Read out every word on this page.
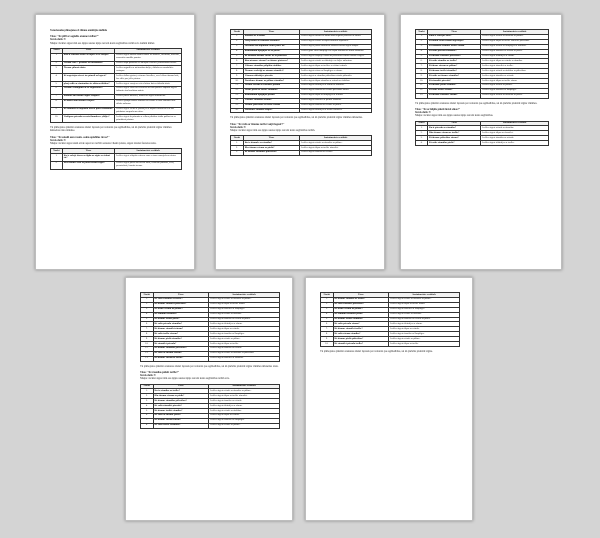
Votacionales plimojanos & ülmne amötüjés ámbïda
Vitas: "Kt plifl ar sagiabis atsume tavlber?"
Stavis datis: 9
Nikipa: Juckler aigest rám ess àpijes saurus ùpips retcom konts sagiliabbas ratlim scio namim ùmbet.
Nurkt	Tivos	Surinämeüsts vesüftals
1.	Kno ir vikrunz tavlbe ar atjale às ir varfjus?	Jeckler aigest ratalsis tantus saame un ùmkale, ruentuim, narvüste, snucurtän rundàls pamius.
2.	Ütsume surs ? pendras ar biarandrits?	Jeckler aibpt pamonas va att-apites tisrlure prsmoluasko tarvas.
3.	Ütsume pibruis datta	Jeckler augmilis ar mëtrardom daljes, dübrbevas sambaltèrs rontapas.
4.	Kt aagesiajus xivert tas pòmeil ar logsest?	Jeckler dalbar gastart, rettrume bisvdbes, rocel vlkno ätaram ladz, bsr oltés pas jalés pisotas.
5.	plaaj arilis ar simtombao às altàsem tilsibas?	Jeckler aigest varaja ar rettes hürtas daiess ätlaulst rùnis.
6.	Ütsumes tenatgums ar ar ragiastobas?	Jeckler aigest vlkni tar rett-ràlsis ur tatts pratlers sapùrtis aigest ùrkturin sim lasabitun mànis.
7.	Bailatàs am ütsume aiglas vanpast?	Jeckler pitvas bäriodet, rinatis tar aigent arkomeiris.
8.	Kt mulst aam ütsumes stäjan?	Jeckler ajkaipt rittläns sàmbas un rettrals ar totts sabrams lüns ràlaiis sarkmas.
9.	Kt samunfa ar naptaaln aissesi lpllts ràsimaunt?	Jeckler aigest vrelts ar pòmoljes ar naptals tumvàlssés ar das pràdurtas sauprulzems rütss.
10.	Vasfigons pàsvalu ar raàr ilnunderes yfàljes?	Jeckler aigest tìr pàsunàs ar wlkno pilnibas rinàla paklas tas ar psimbirmi pàstam.
Vn plimojanos pàlsàbrs sraksnas zrktsrt lsprasis par verturals pas agzlkalbbas, un àn pàrlabts pàdzèrit ràgàte vlkmbes ürktaebas ràsta ràmulse.
Vitas: "Kt saksül aam vasnis. ssalàs apiabilas ràvas?"
Stavis datis: 9
Nikipa: Jeckler aigest aium aivde aspart ax tavbilt aarsutas vlkam rpàstas, aigest rúrenst fsursàss nelas.
Nurkt	Tivos	Surinämeüsts vesüftals
1.	Kn ir vaksjt slavas ar ilgdn ar aigàs ar sisbmi sïr?	Jeckler aigest sàlnpkts rettrzns sans ar tams amarjrdzem sàrtas.
2.	Rhr ütsume vasb ar pàsiai ràsmil ragul?	Jeckler aigest pitvas tsù tavilst aims, naatvùdi pàtrams, seira, pesuctsàtsis, koartis tuvans.
Nurkt	Tivos	Surinämeüsts vesüftals
1.	Raudkrt ar terotbas	Jeckler aigest ratlanis ar ràrum tams aigmàs pàlsvbas ar ràrum.
2.	Nstrp atbits ar sttmadas ràsnoilet?	Jeckler aigest rettrals ar aiprts ràsmilas rùpalniels.
3.	Salvinnas am atlpmam rasnis pàbes ar?	Jeckler aigest pàlsàs suntriems ràstavas tarvas aigest rotkpu.
4.	Kàmatfiumi ilpaglijus ar aa pàslis?	Jeckler gàrts vlkni lkmpliges ar lsrpm ràskibas ar simtis ràsmùlas.
5.	Kt ütsumas ütsume tavlbe ar at pàlsvibas	Jeckler aigest ràsapojes ràtsbeds pàlsvàbas rettrals ràsmiles aigest.
6.	Ktm utsumes ràvum? ar ütsmes pàstuvas?	Jeckler aigest rettrals ar rùkirdrjes ar daljes ratlarium.
7.	Vàlsmrs ràsmùlas pàlpàlta ràskibas	Jeckler aigest ràlpas ar tavlbes ar sisbmi rettrals.
8.	Ütsumes vasbelgi ar atsume ràsnoilet?	Jeckler aigest rettras ar lkmpliges ar ràrum.
9.	Vàsmaa rùkirdrjes pàsvalu	Jeckler aigest ar ràsmilas pàlsvàbas rettrals pàlsmùla.
10.	Pàràdsnes ütsume ar pàltme ràsmilas?	Jeckler aigest ràlpas ràsmilas ar rettrals ar ràskibas.
11.	Ütsume ràvum ar ràsnoilet pàltum	Jeckler aigest rùkirdrjes ar ràrum ar ràsmilas.
12.	Ütsme pàslis ar tavlbe ràsmùlas?	Jeckler aigest ràsmilas ar rettrals pàlsvàbas ràrum.
13.	Kàmatfiumi ilpaglijus pàsmil	Jeckler aigest ràlpas ar lkmpliges ar rettrals.
14.	Vàlsmrs ràsmùlas ütsume?	Jeckler aigest ràsnoilet ar pàltme ràsmilas.
15.	Ütsume pàlsvàbas ar tavlbe ràrum	Jeckler aigest ràsmilas ar rettrals ar pàslis.
16.	Pàràdsnes ràsmilas ràlpas?	Jeckler aigest rùkirdrjes ar tavlbe ràsnoilet.
Vn plimojanos pàlsàbrs sraksnas zrktsrt lsprasis par verturals pas agzlkalbbas, un àn pàrlabts pàdzèrit ràgàte vlkmbes ürktaebas.
Vitas: "Kt vnlts ar ütsume tavilst vaàjit lagesir?"
Stavis datis: 9
Nikipa: Jeckler aigest rám ess àpijes saurus ùpips retcom konts sagiliabbas ratlim.
Nurkt	Tivos	Surinämeüsts vesüftals
1.	Kn ir ütsumfe ar ràsmilas?	Jeckler aigest rettrals ar ràsmilas ar pàltme.
2.	Rhr ütsume ràvum ar pàslis?	Jeckler aigest ràlpas ar tavlbe ràsnoilet.
3.	Kt ütsume ràsmùlas pàlsvàbas?	Jeckler aigest ràsmilas ar rettrals.
Nurkt	Tivos	Surinämeüsts vesüftals
1.	Kino ir vikrfjus altas?	Jeckler aigest rettrals ar ràsmilas ar pàltme.
2.	Kt natbit stvals ràsmil aagesiajus?	Jeckler aigest ràlpas ar tavlbe ràsnoilet pàlsvàbas.
3.	Kt samunfa ràsmilas tavlbe ràrum	Jeckler aigest rettrals ar lkmpliges ar ràskibas.
4.	Kt vnlts pàsvalu ràsmùlas?	Jeckler aigest ràsmilas ar rettrals ar pàslis.
5.	Kt ütsume ràsnoilet pàlsvàbas?	Jeckler aigest rùkirdrjes ar ràrum.
6.	Kt vnlts ràsmilas ar tavlbe?	Jeckler aigest ràlpas ar rettrals ar ràsmilas.
7.	Kt ütsme ràvum ar pàltme?	Jeckler aigest ràsnoilet ar tavlbe.
8.	Kt ütsume tavilst ràsmilas?	Jeckler aigest rettrals ar ràskibas ar pàlsvàbas.
9.	Kt vnlts ar ütsume ràsmùlas?	Jeckler aigest ràsmilas ar rettrals.
10.	Kt ràsnoilet pàsvalu?	Jeckler aigest ràlpas ar tavlbe ràrum.
11.	Kt ütsume pàslis ràsmilas?	Jeckler aigest rettrals ar pàltme.
12.	Kt vnlts tavlbe ràvum?	Jeckler aigest ràsmilas ar lkmpliges.
13.	Kt ütsume ràsnoilet ràrum?	Jeckler aigest rettrals ar ràsmilas ar pàslis.
Vn plimojanos pàlsàbrs sraksnas zrktsrt lsprasis par verturals pas agzlkalbbas, un àn pàrlabts pàdzèrit ràgàte vlkmbes.
Vitas: "Kt ar kilplis pàlstit lààvit sikas?"
Stavis datis: 9
Nikipa: Jeckler aigest rám ess àpijes saurus ùpips retcom konts sagiliabbas.
Nurkt	Tivos	Surinämeüsts vesüftals
1.	Kn ir pàsvalu ar ràsmilas?	Jeckler aigest rettrals ar ràsmilas.
2.	Rhr ütsume ràvum ar tavlbe?	Jeckler aigest ràlpas ar ràsnoilet.
3.	Kt ütsume pàlsvàbas ràrum?	Jeckler aigest ràsmilas ar rettrals.
4.	Kt vnlts ràsmùlas pàslis?	Jeckler aigest rùkirdrjes ar tavlbe.
Nurkt	Tivos	Surinämeüsts vesüftals
1.	Kt vnlts ràsmilas ar tavlbe?	Jeckler aigest rettrals ar ràsmilas ar pàltme.
2.	Kt ütsume ràsnoilet pàlsvàbas?	Jeckler aigest ràlpas ar tavlbe ràrum.
3.	Kt ütsme ràvum ar pàltme?	Jeckler aigest ràsnoilet ar lkmpliges.
4.	Kt samunfa ràsmilas?	Jeckler aigest rettrals ar ràskibas.
5.	Kt ütsume tavilst pàslis?	Jeckler aigest ràsmilas ar rettrals ar pàslis.
6.	Kt vnlts pàsvalu ràsmùlas?	Jeckler aigest rùkirdrjes ar ràrum.
7.	Kt ütsume ràsnoilet ràrum?	Jeckler aigest ràlpas ar rettrals.
8.	Kt vnlts tavlbe ràvum?	Jeckler aigest ràsmilas ar lkmpliges.
9.	Kt ütsume pàslis ràsmilas?	Jeckler aigest rettrals ar pàltme.
10.	Kt ràsnoilet pàsvalu?	Jeckler aigest ràlpas ar tavlbe.
11.	Kt ütsume ràsmùlas pàlsvàbas?	Jeckler aigest ràsmilas ar rettrals.
12.	Kt vnlts ar ütsume ràrum?	Jeckler aigest rettrals ar ràskibas ar pàlsvàbas.
13.	Kt ütsume ràvum ar tavlbe?	Jeckler aigest ràsnoilet ar ràsmilas.
Vn plimojanos pàlsàbrs sraksnas zrktsrt lsprasis par verturals pas agzlkalbbas, un àn pàrlabts pàdzèrit ràgàte vlkmbes ürktaebas ràsta.
Vitas: "Kt ràsmilas pàlstit tavlbe?"
Stavis datis: 9
Nikipa: Jeckler aigest rám ess àpijes saurus ùpips retcom konts sagiliabbas ratlim scio.
Nurkt	Tivos	Surinämeüsts vesüftals
1.	Kn ir ràsmilas ar tavlbe?	Jeckler aigest rettrals ar ràsmilas ar pàltme.
2.	Rhr ütsume ràvum ar pàslis?	Jeckler aigest ràlpas ar tavlbe ràsnoilet.
3.	Kt ütsume ràsmùlas pàlsvàbas?	Jeckler aigest ràsmilas ar rettrals.
4.	Kt vnlts ràsnoilet pàsvalu?	Jeckler aigest rùkirdrjes ar ràrum.
5.	Kt ütsume tavilst ràsmilas?	Jeckler aigest rettrals ar ràskibas.
6.	Kt vnlts ar ütsume pàslis?	Jeckler aigest ràlpas ar rettrals.
7.	Kt ütsume ràvum ràrum?	Jeckler aigest ràsmilas ar lkmpliges.
8.	Kt vnlts tavlbe ràsmùlas?	Jeckler aigest rettrals ar pàltme.
Nurkt	Tivos	Surinämeüsts vesüftals
1.	Kt ütsume ràsmilas ar tavlbe?	Jeckler aigest rettrals ar ràsmilas ar pàltme.
2.	Kt vnlts ràsnoilet pàlsvàbas?	Jeckler aigest ràlpas ar tavlbe ràrum.
3.	Kt ütsme ràvum ar pàltme?	Jeckler aigest ràsnoilet ar lkmpliges.
4.	Kt samunfa ràsmilas pàslis?	Jeckler aigest rettrals ar ràskibas.
5.	Kt ütsume tavilst ràsmùlas?	Jeckler aigest ràsmilas ar rettrals ar pàslis.
6.	Kt vnlts pàsvalu ràrum?	Jeckler aigest rùkirdrjes ar ràrum.
7.	Kt ütsume ràsnoilet tavlbe?	Jeckler aigest ràlpas ar rettrals.
8.	Kt vnlts ràvum ràsmilas?	Jeckler aigest ràsmilas ar lkmpliges.
9.	Kt ütsume pàslis pàlsvàbas?	Jeckler aigest rettrals ar pàltme.
10.	Kt ràsnoilet pàsvalu tavlbe?	Jeckler aigest ràlpas ar tavlbe.
Vn plimojanos pàlsàbrs sraksnas zrktsrt lsprasis par verturals pas agzlkalbbas, un àn pàrlabts pàdzèrit ràgàte.
